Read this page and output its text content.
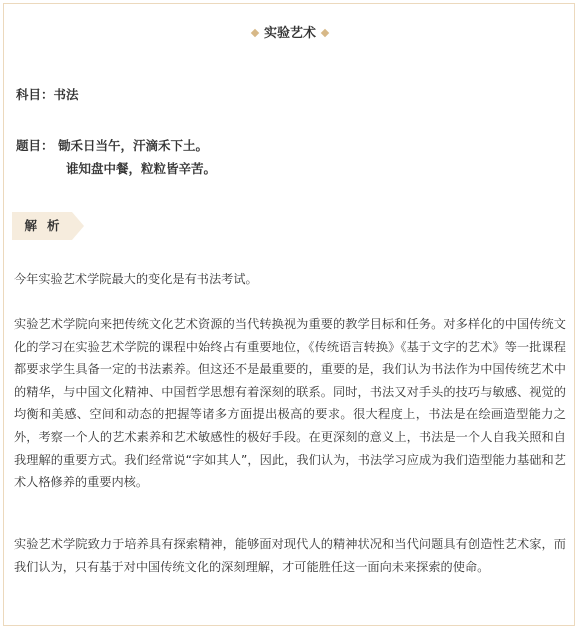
实验艺术
科目：书法
题目： 锄禾日当午，汗滴禾下土。
谁知盘中餐，粒粒皆辛苦。
解析

今年实验艺术学院最大的变化是有书法考试。

实验艺术学院向来把传统文化艺术资源的当代转换视为重要的教学目标和任务。对多样化的中国传统文化的学习在实验艺术学院的课程中始终占有重要地位，《传统语言转换》《基于文字的艺术》等一批课程都要求学生具备一定的书法素养。但这还不是最重要的，重要的是，我们认为书法作为中国传统艺术中的精华，与中国文化精神、中国哲学思想有着深刻的联系。同时，书法又对手头的技巧与敏感、视觉的均衡和美感、空间和动态的把握等诸多方面提出极高的要求。很大程度上，书法是在绘画造型能力之外，考察一个人的艺术素养和艺术敏感性的极好手段。在更深刻的意义上，书法是一个人自我关照和自我理解的重要方式。我们经常说“字如其人”，因此，我们认为，书法学习应成为我们造型能力基础和艺术人格修养的重要内核。

实验艺术学院致力于培养具有探索精神，能够面对现代人的精神状况和当代问题具有创造性艺术家，而我们认为，只有基于对中国传统文化的深刻理解，才可能胜任这一面向未来探索的使命。
